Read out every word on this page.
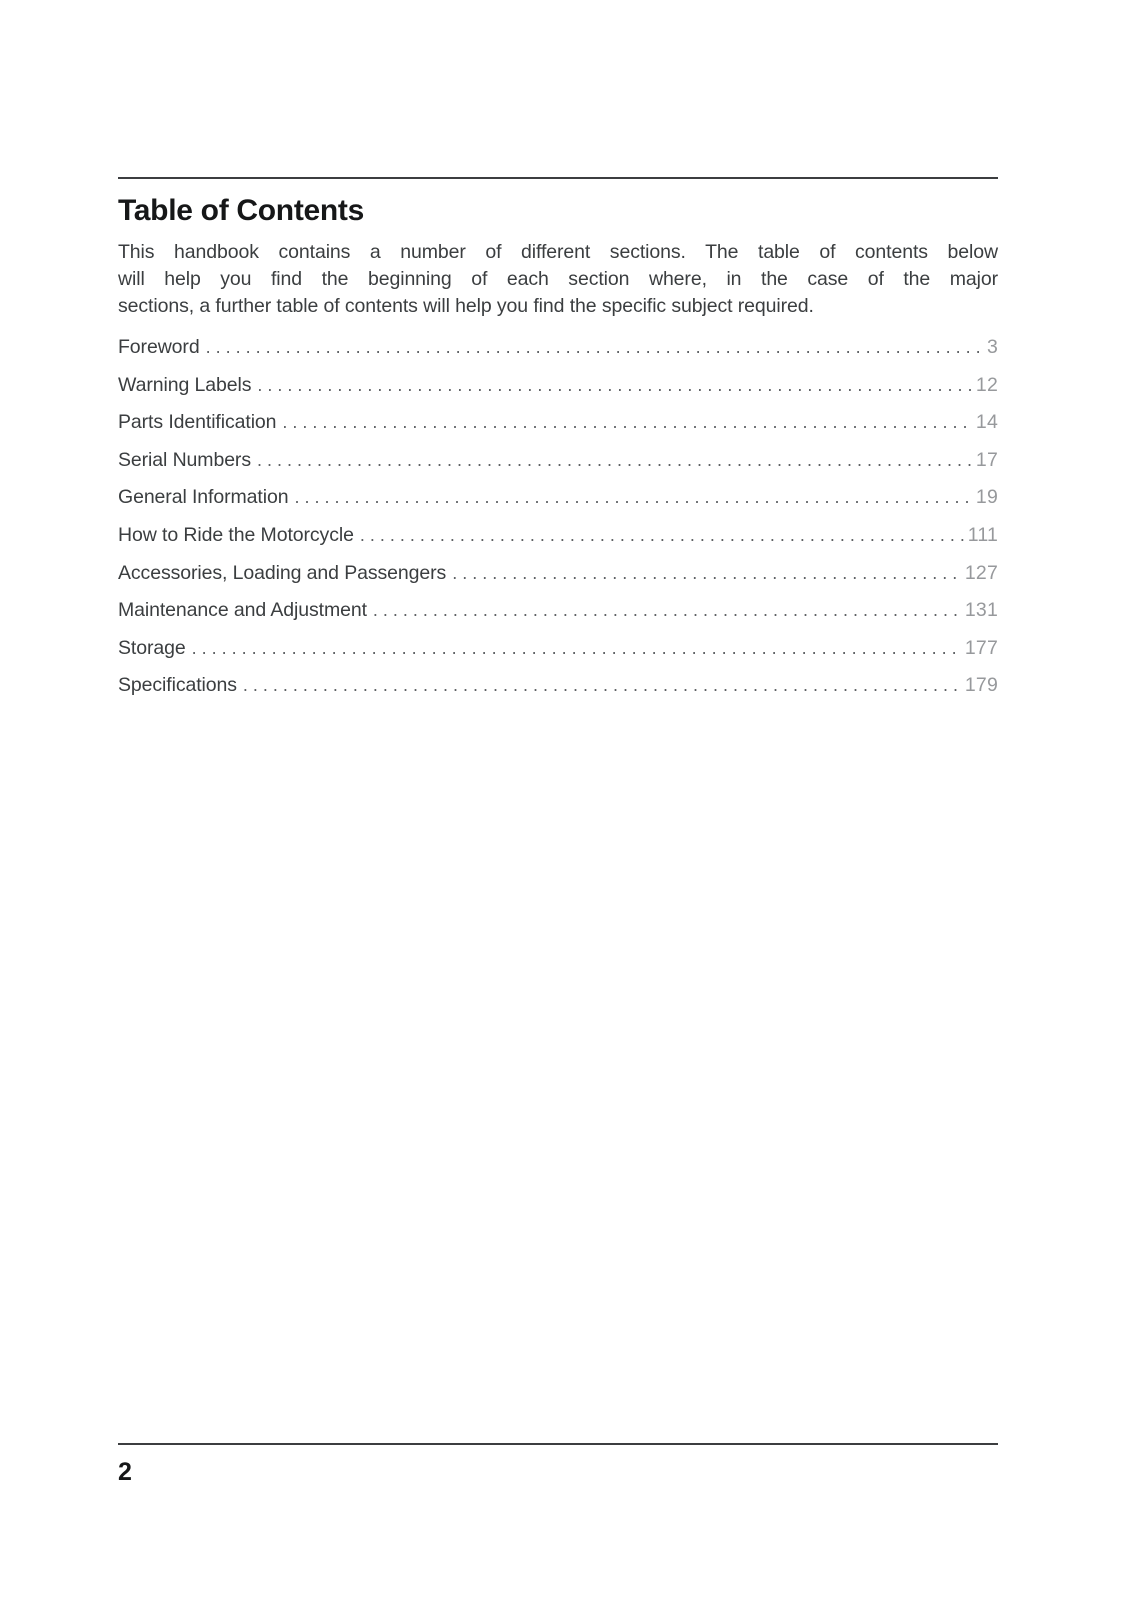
Table of Contents
This handbook contains a number of different sections. The table of contents below
will help you find the beginning of each section where, in the case of the major
sections, a further table of contents will help you find the specific subject required.
Foreword .....	3
Warning Labels .....	12
Parts Identification .....	14
Serial Numbers .....	17
General Information .....	19
How to Ride the Motorcycle .....	111
Accessories, Loading and Passengers .....	127
Maintenance and Adjustment .....	131
Storage .....	177
Specifications .....	179
2
